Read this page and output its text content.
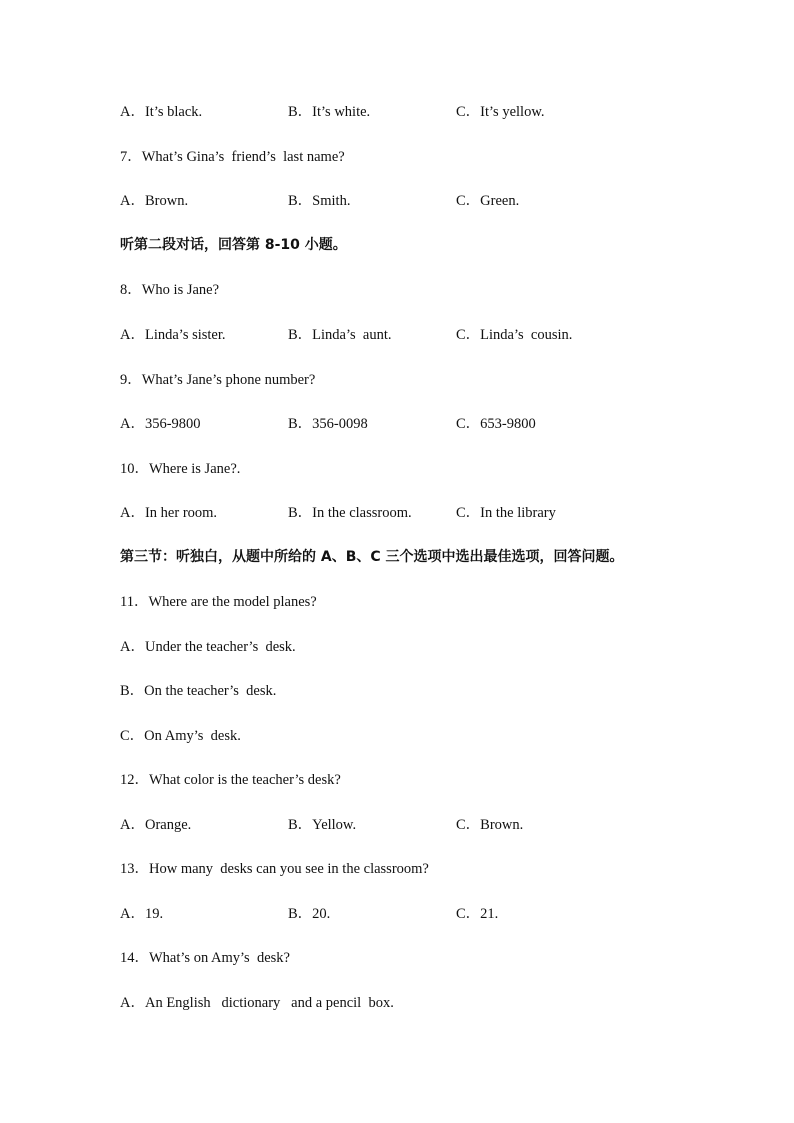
A．It’s black.

	B．It’s white.

	C．It’s yellow.

7．What’s Gina’s  friend’s  last name?

A．Brown.

	B．Smith.

	C．Green.

听第二段对话，回答第 8-10 小题。
8．Who is Jane?

A．Linda’s sister.

	B．Linda’s  aunt.

	C．Linda’s  cousin.

9．What’s Jane’s phone number?

A．356-9800

	B．356-0098

	C．653-9800

10．Where is Jane?.

A．In her room.

	B．In the classroom.

	C．In the library

第三节：听独白，从题中所给的 A、B、C 三个选项中选出最佳选项，回答问题。
11．Where are the model planes?
A．Under the teacher’s  desk.
B．On the teacher’s  desk.
C．On Amy’s  desk.
12．What color is the teacher’s desk?

A．Orange.

	B．Yellow.

	C．Brown.

13．How many  desks can you see in the classroom?

A．19.

	B．20.

	C．21.

14．What’s on Amy’s  desk?
A．An English   dictionary   and a pencil  box.
